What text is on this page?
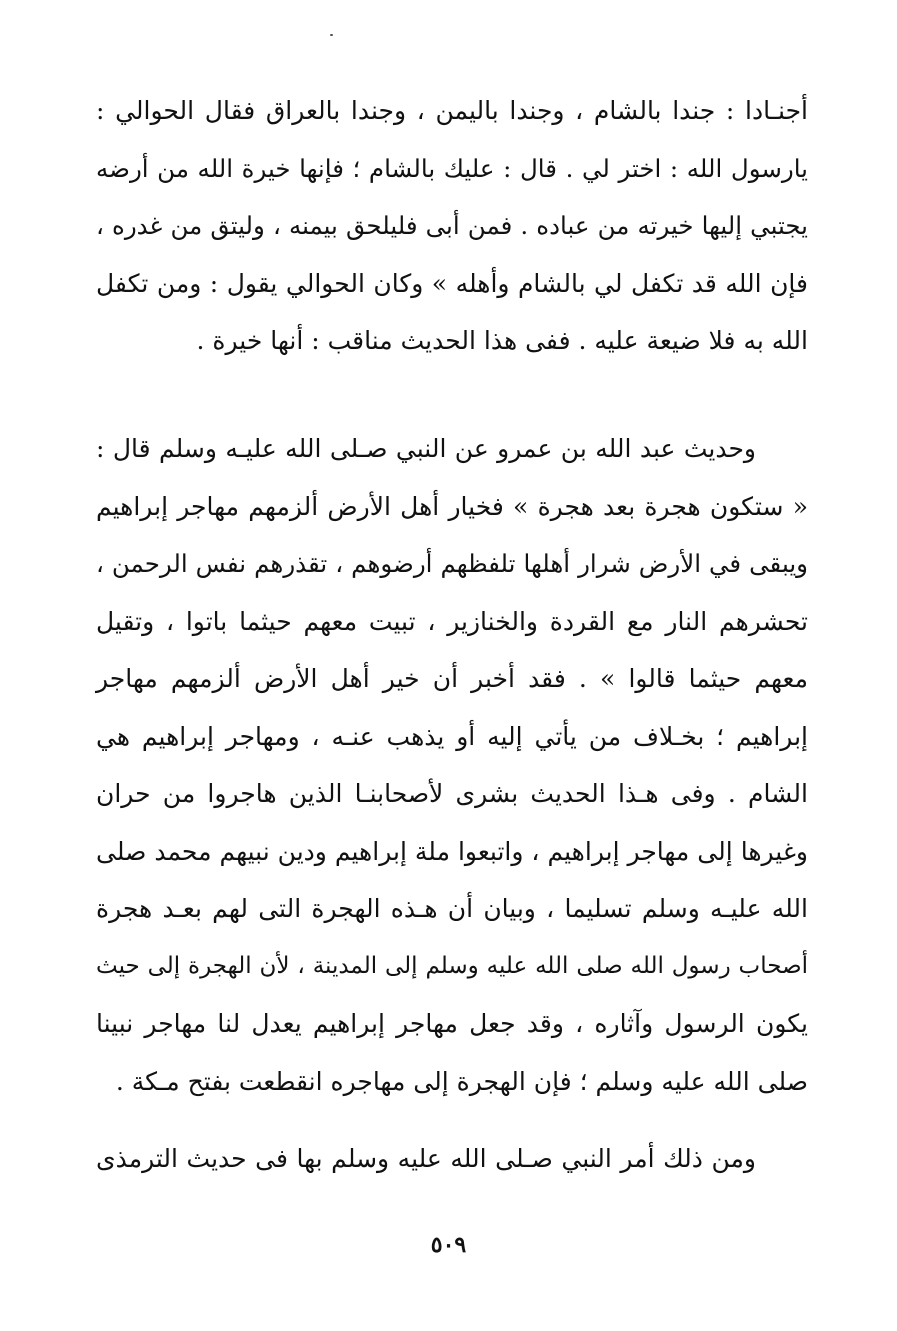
أجنـادا : جندا بالشام ، وجندا باليمن ، وجندا بالعراق فقال الحوالي :
يارسول الله : اختر لي . قال : عليك بالشام ؛ فإنها خيرة الله من أرضه
يجتبي إليها خيرته من عباده . فمن أبى فليلحق بيمنه ، وليتق من غدره ،
فإن الله قد تكفل لي بالشام وأهله » وكان الحوالي يقول : ومن تكفل
الله به فلا ضيعة عليه . ففى هذا الحديث مناقب : أنها خيرة .
وحديث عبد الله بن عمرو عن النبي صـلى الله عليـه وسلم قال :
« ستكون هجرة بعد هجرة » فخيار أهل الأرض ألزمهم مهاجر إبراهيم
ويبقى في الأرض شرار أهلها تلفظهم أرضوهم ، تقذرهم نفس الرحمن ،
تحشرهم النار مع القردة والخنازير ، تبيت معهم حيثما باتوا ، وتقيل
معهم حيثما قالوا » . فقد أخبر أن خير أهل الأرض ألزمهم مهاجر
إبراهيم ؛ بخـلاف من يأتي إليه أو يذهب عنـه ، ومهاجر إبراهيم هي
الشام . وفى هـذا الحديث بشرى لأصحابنـا الذين هاجروا من حران
وغيرها إلى مهاجر إبراهيم ، واتبعوا ملة إبراهيم ودين نبيهم محمد صلى
الله عليـه وسلم تسليما ، وبيان أن هـذه الهجرة التى لهم بعـد هجرة
أصحاب رسول الله صلى الله عليه وسلم إلى المدينة ، لأن الهجرة إلى حيث
يكون الرسول وآثاره ، وقد جعل مهاجر إبراهيم يعدل لنا مهاجر نبينا
صلى الله عليه وسلم ؛ فإن الهجرة إلى مهاجره انقطعت بفتح مـكة .
ومن ذلك أمر النبي صـلى الله عليه وسلم بها فى حديث الترمذى
٥٠٩
